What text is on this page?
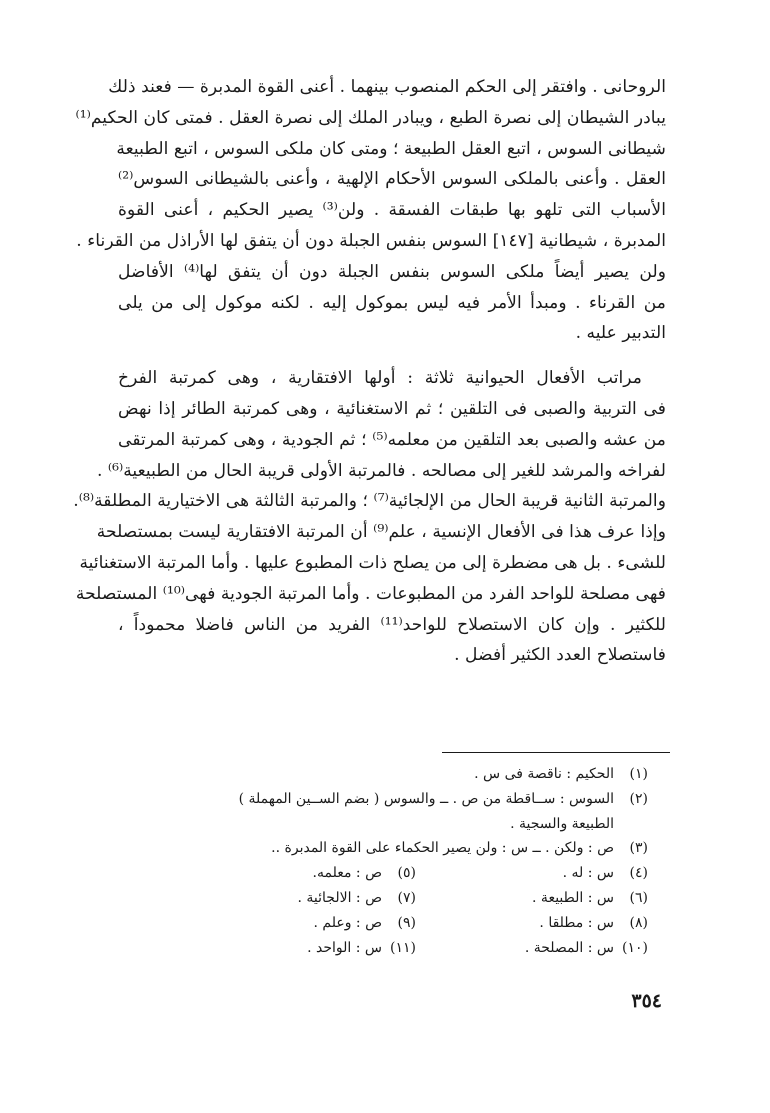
الروحانى . وافتقر إلى الحكم المنصوب بينهما . أعنى القوة المدبرة — فعند ذلك
يبادر الشيطان إلى نصرة الطبع ، ويبادر الملك إلى نصرة العقل . فمتى كان الحكيم⁽¹⁾
شيطانى السوس ، اتبع العقل الطبيعة ؛ ومتى كان ملكى السوس ، اتبع الطبيعة
العقل . وأعنى بالملكى السوس الأحكام الإلهية ، وأعنى بالشيطانى السوس⁽²⁾
الأسباب التى تلهو بها طبقات الفسقة . ولن⁽³⁾ يصير الحكيم ، أعنى القوة
المدبرة ، شيطانية [١٤٧] السوس بنفس الجبلة دون أن يتفق لها الأراذل من القرناء .
ولن يصير أيضاً ملكى السوس بنفس الجبلة دون أن يتفق لها⁽⁴⁾ الأفاضل
من القرناء . ومبدأ الأمر فيه ليس بموكول إليه . لكنه موكول إلى من يلى
التدبير عليه .
مراتب الأفعال الحيوانية ثلاثة : أولها الافتقارية ، وهى كمرتبة الفرخ
فى التربية والصبى فى التلقين ؛ ثم الاستغنائية ، وهى كمرتبة الطائر إذا نهض
من عشه والصبى بعد التلقين من معلمه⁽⁵⁾ ؛ ثم الجودية ، وهى كمرتبة المرتقى
لفراخه والمرشد للغير إلى مصالحه . فالمرتبة الأولى قريبة الحال من الطبيعية⁽⁶⁾ .
والمرتبة الثانية قريبة الحال من الإلجائية⁽⁷⁾ ؛ والمرتبة الثالثة هى الاختيارية المطلقة⁽⁸⁾.
وإذا عرف هذا فى الأفعال الإنسية ، علم⁽⁹⁾ أن المرتبة الافتقارية ليست بمستصلحة
للشىء . بل هى مضطرة إلى من يصلح ذات المطبوع عليها . وأما المرتبة الاستغنائية
فهى مصلحة للواحد الفرد من المطبوعات . وأما المرتبة الجودية فهى⁽¹⁰⁾ المستصلحة
للكثير . وإن كان الاستصلاح للواحد⁽¹¹⁾ الفريد من الناس فاضلا محموداً ،
فاستصلاح العدد الكثير أفضل .
(١)
الحكيم : ناقصة فى س .
(٢)
السوس : ســاقطة من ص . ــ والسوس ( بضم الســين المهملة )
الطبيعة والسجية .
(٣)
ص : ولكن . ــ س : ولن يصير الحكماء على القوة المدبرة ..
(٤)
س : له .
(٥)
ص : معلمه.
(٦)
س : الطبيعة .
(٧)
ص : الالجائية .
(٨)
س : مطلقا .
(٩)
ص : وعلم .
(١٠)
س : المصلحة .
(١١)
س : الواحد .
٣٥٤
